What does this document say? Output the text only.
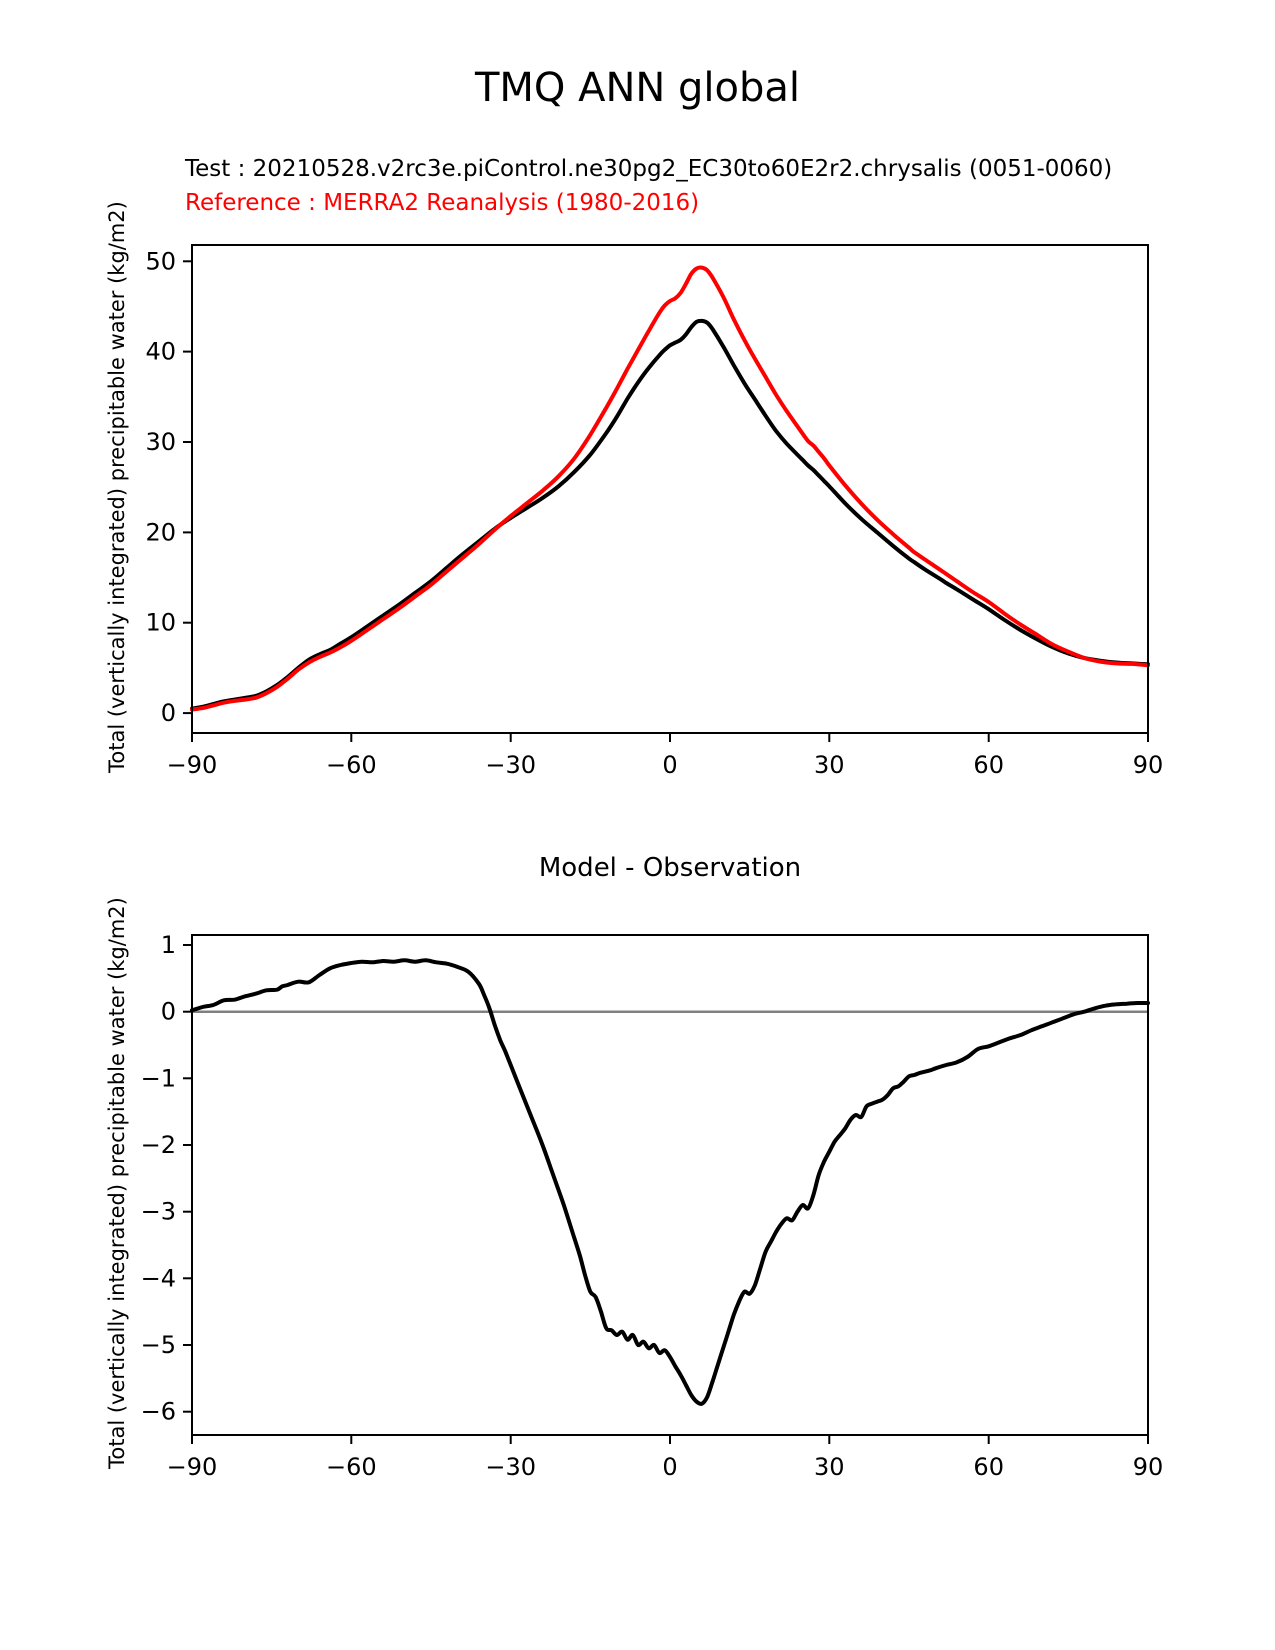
TMQ ANN global
Test : 20210528.v2rc3e.piControl.ne30pg2_EC30to60E2r2.chrysalis (0051-0060)
Reference : MERRA2 Reanalysis (1980-2016)
Total (vertically integrated) precipitable water (kg/m2)
Total (vertically integrated) precipitable water (kg/m2)
Model - Observation
−90	−60	−30	0	30	60	90
0
10
20
30
40
50
−90	−60	−30	0	30	60	90
1
0
−1
−2
−3
−4
−5
−6
